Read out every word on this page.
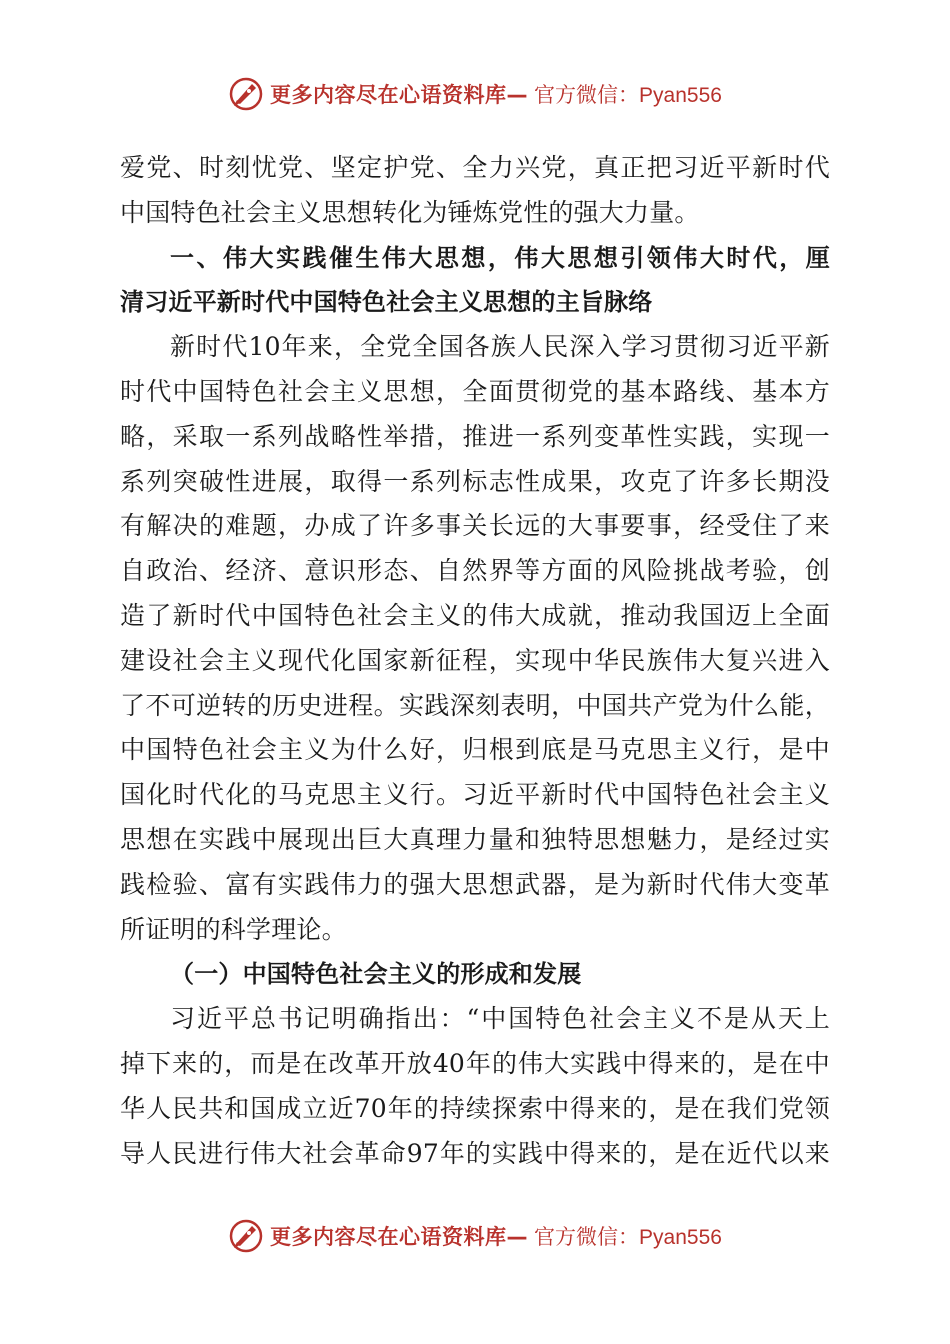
更多内容尽在心语资料库— 官方微信：Pyan556
爱党、时刻忧党、坚定护党、全力兴党，真正把习近平新时代
中国特色社会主义思想转化为锤炼党性的强大力量。
一、伟大实践催生伟大思想，伟大思想引领伟大时代，厘
清习近平新时代中国特色社会主义思想的主旨脉络
新时代10年来，全党全国各族人民深入学习贯彻习近平新
时代中国特色社会主义思想，全面贯彻党的基本路线、基本方
略，采取一系列战略性举措，推进一系列变革性实践，实现一
系列突破性进展，取得一系列标志性成果，攻克了许多长期没
有解决的难题，办成了许多事关长远的大事要事，经受住了来
自政治、经济、意识形态、自然界等方面的风险挑战考验，创
造了新时代中国特色社会主义的伟大成就，推动我国迈上全面
建设社会主义现代化国家新征程，实现中华民族伟大复兴进入
了不可逆转的历史进程。实践深刻表明，中国共产党为什么能，
中国特色社会主义为什么好，归根到底是马克思主义行，是中
国化时代化的马克思主义行。习近平新时代中国特色社会主义
思想在实践中展现出巨大真理力量和独特思想魅力，是经过实
践检验、富有实践伟力的强大思想武器，是为新时代伟大变革
所证明的科学理论。
（一）中国特色社会主义的形成和发展
习近平总书记明确指出：“中国特色社会主义不是从天上
掉下来的，而是在改革开放40年的伟大实践中得来的，是在中
华人民共和国成立近70年的持续探索中得来的，是在我们党领
导人民进行伟大社会革命97年的实践中得来的，是在近代以来
更多内容尽在心语资料库— 官方微信：Pyan556
